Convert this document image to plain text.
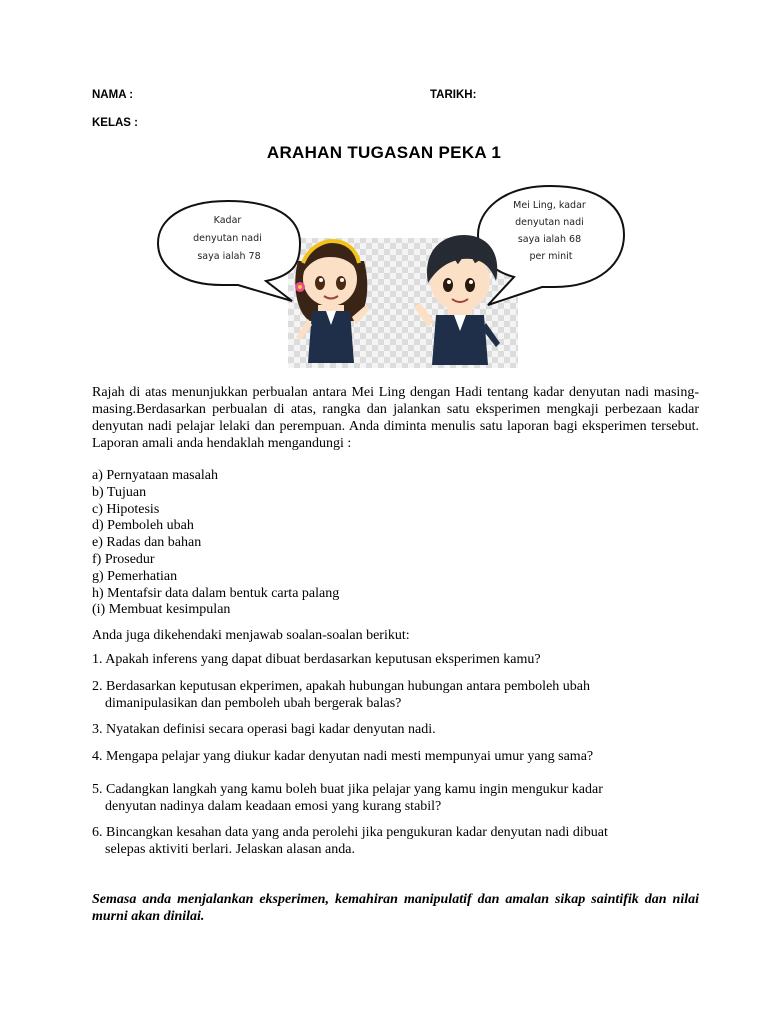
NAMA :	TARIKH:
KELAS :
ARAHAN TUGASAN PEKA 1
Kadar denyutan nadi saya ialah 78
Mei Ling, kadar denyutan nadi saya ialah 68 per minit
Rajah di atas menunjukkan perbualan antara Mei Ling dengan Hadi tentang kadar denyutan nadi masing- masing.Berdasarkan perbualan di atas, rangka dan jalankan satu eksperimen mengkaji perbezaan kadar denyutan nadi pelajar lelaki dan perempuan. Anda diminta menulis satu laporan bagi eksperimen tersebut. Laporan amali anda hendaklah mengandungi :
a) Pernyataan masalah
b) Tujuan
c) Hipotesis
d) Pemboleh ubah
e) Radas dan bahan
f) Prosedur
g) Pemerhatian
h) Mentafsir data dalam bentuk carta palang
(i) Membuat kesimpulan
Anda juga dikehendaki menjawab soalan-soalan berikut:
1. Apakah inferens yang dapat dibuat berdasarkan keputusan eksperimen kamu?
2. Berdasarkan keputusan ekperimen, apakah hubungan hubungan antara pemboleh ubah
dimanipulasikan dan pemboleh ubah bergerak balas?
3. Nyatakan definisi secara operasi bagi kadar denyutan nadi.
4. Mengapa pelajar yang diukur kadar denyutan nadi mesti mempunyai umur yang sama?
5. Cadangkan langkah yang kamu boleh buat jika pelajar yang kamu ingin mengukur kadar
denyutan nadinya dalam keadaan emosi yang kurang stabil?
6. Bincangkan kesahan data yang anda perolehi jika pengukuran kadar denyutan nadi dibuat
selepas aktiviti berlari. Jelaskan alasan anda.
Semasa anda menjalankan eksperimen, kemahiran manipulatif dan amalan sikap saintifik dan nilai murni akan dinilai.
